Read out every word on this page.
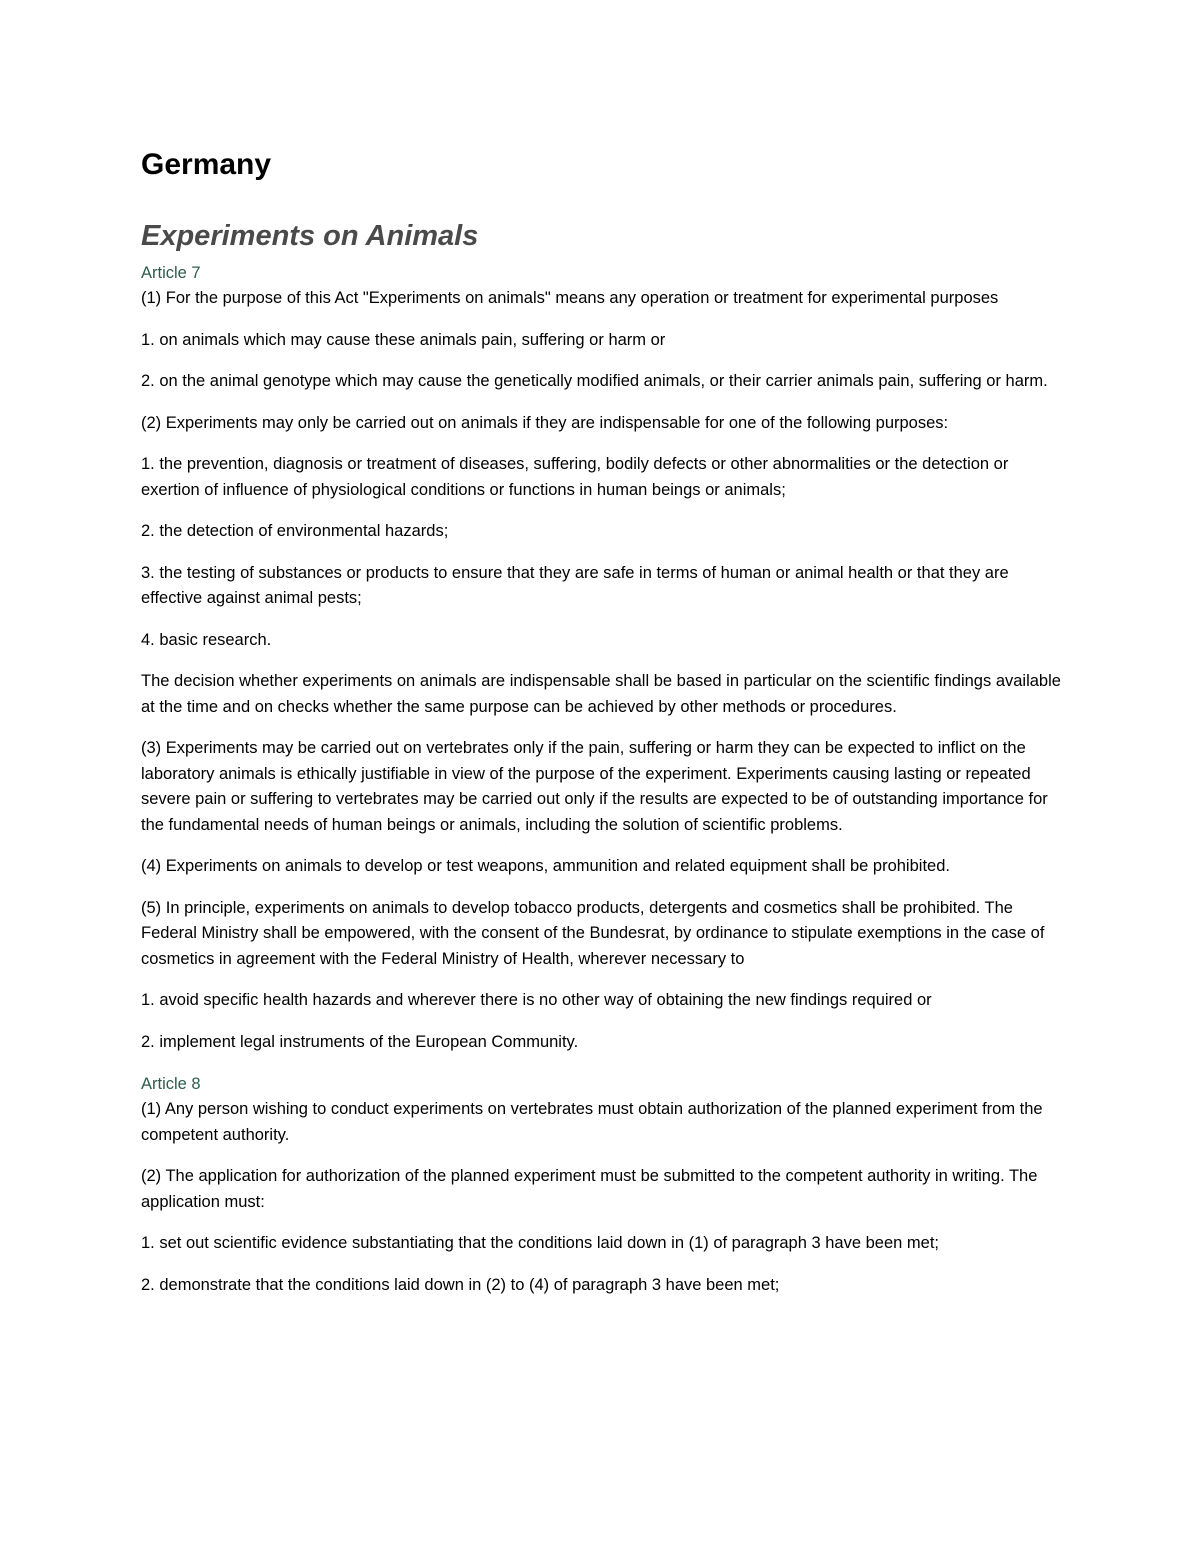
Germany
Experiments on Animals
Article 7

(1) For the purpose of this Act "Experiments on animals" means any operation or treatment for experimental purposes

1. on animals which may cause these animals pain, suffering or harm or

2. on the animal genotype which may cause the genetically modified animals, or their carrier animals pain, suffering or harm.

(2) Experiments may only be carried out on animals if they are indispensable for one of the following purposes:

1. the prevention, diagnosis or treatment of diseases, suffering, bodily defects or other abnormalities or the detection or exertion of influence of physiological conditions or functions in human beings or animals;

2. the detection of environmental hazards;

3. the testing of substances or products to ensure that they are safe in terms of human or animal health or that they are effective against animal pests;

4. basic research.

The decision whether experiments on animals are indispensable shall be based in particular on the scientific findings available at the time and on checks whether the same purpose can be achieved by other methods or procedures.

(3) Experiments may be carried out on vertebrates only if the pain, suffering or harm they can be expected to inflict on the laboratory animals is ethically justifiable in view of the purpose of the experiment. Experiments causing lasting or repeated severe pain or suffering to vertebrates may be carried out only if the results are expected to be of outstanding importance for the fundamental needs of human beings or animals, including the solution of scientific problems.

(4) Experiments on animals to develop or test weapons, ammunition and related equipment shall be prohibited.

(5) In principle, experiments on animals to develop tobacco products, detergents and cosmetics shall be prohibited. The Federal Ministry shall be empowered, with the consent of the Bundesrat, by ordinance to stipulate exemptions in the case of cosmetics in agreement with the Federal Ministry of Health, wherever necessary to

1. avoid specific health hazards and wherever there is no other way of obtaining the new findings required or

2. implement legal instruments of the European Community.

Article 8

(1) Any person wishing to conduct experiments on vertebrates must obtain authorization of the planned experiment from the competent authority.

(2) The application for authorization of the planned experiment must be submitted to the competent authority in writing. The application must:

1. set out scientific evidence substantiating that the conditions laid down in (1) of paragraph 3 have been met;

2. demonstrate that the conditions laid down in (2) to (4) of paragraph 3 have been met;
